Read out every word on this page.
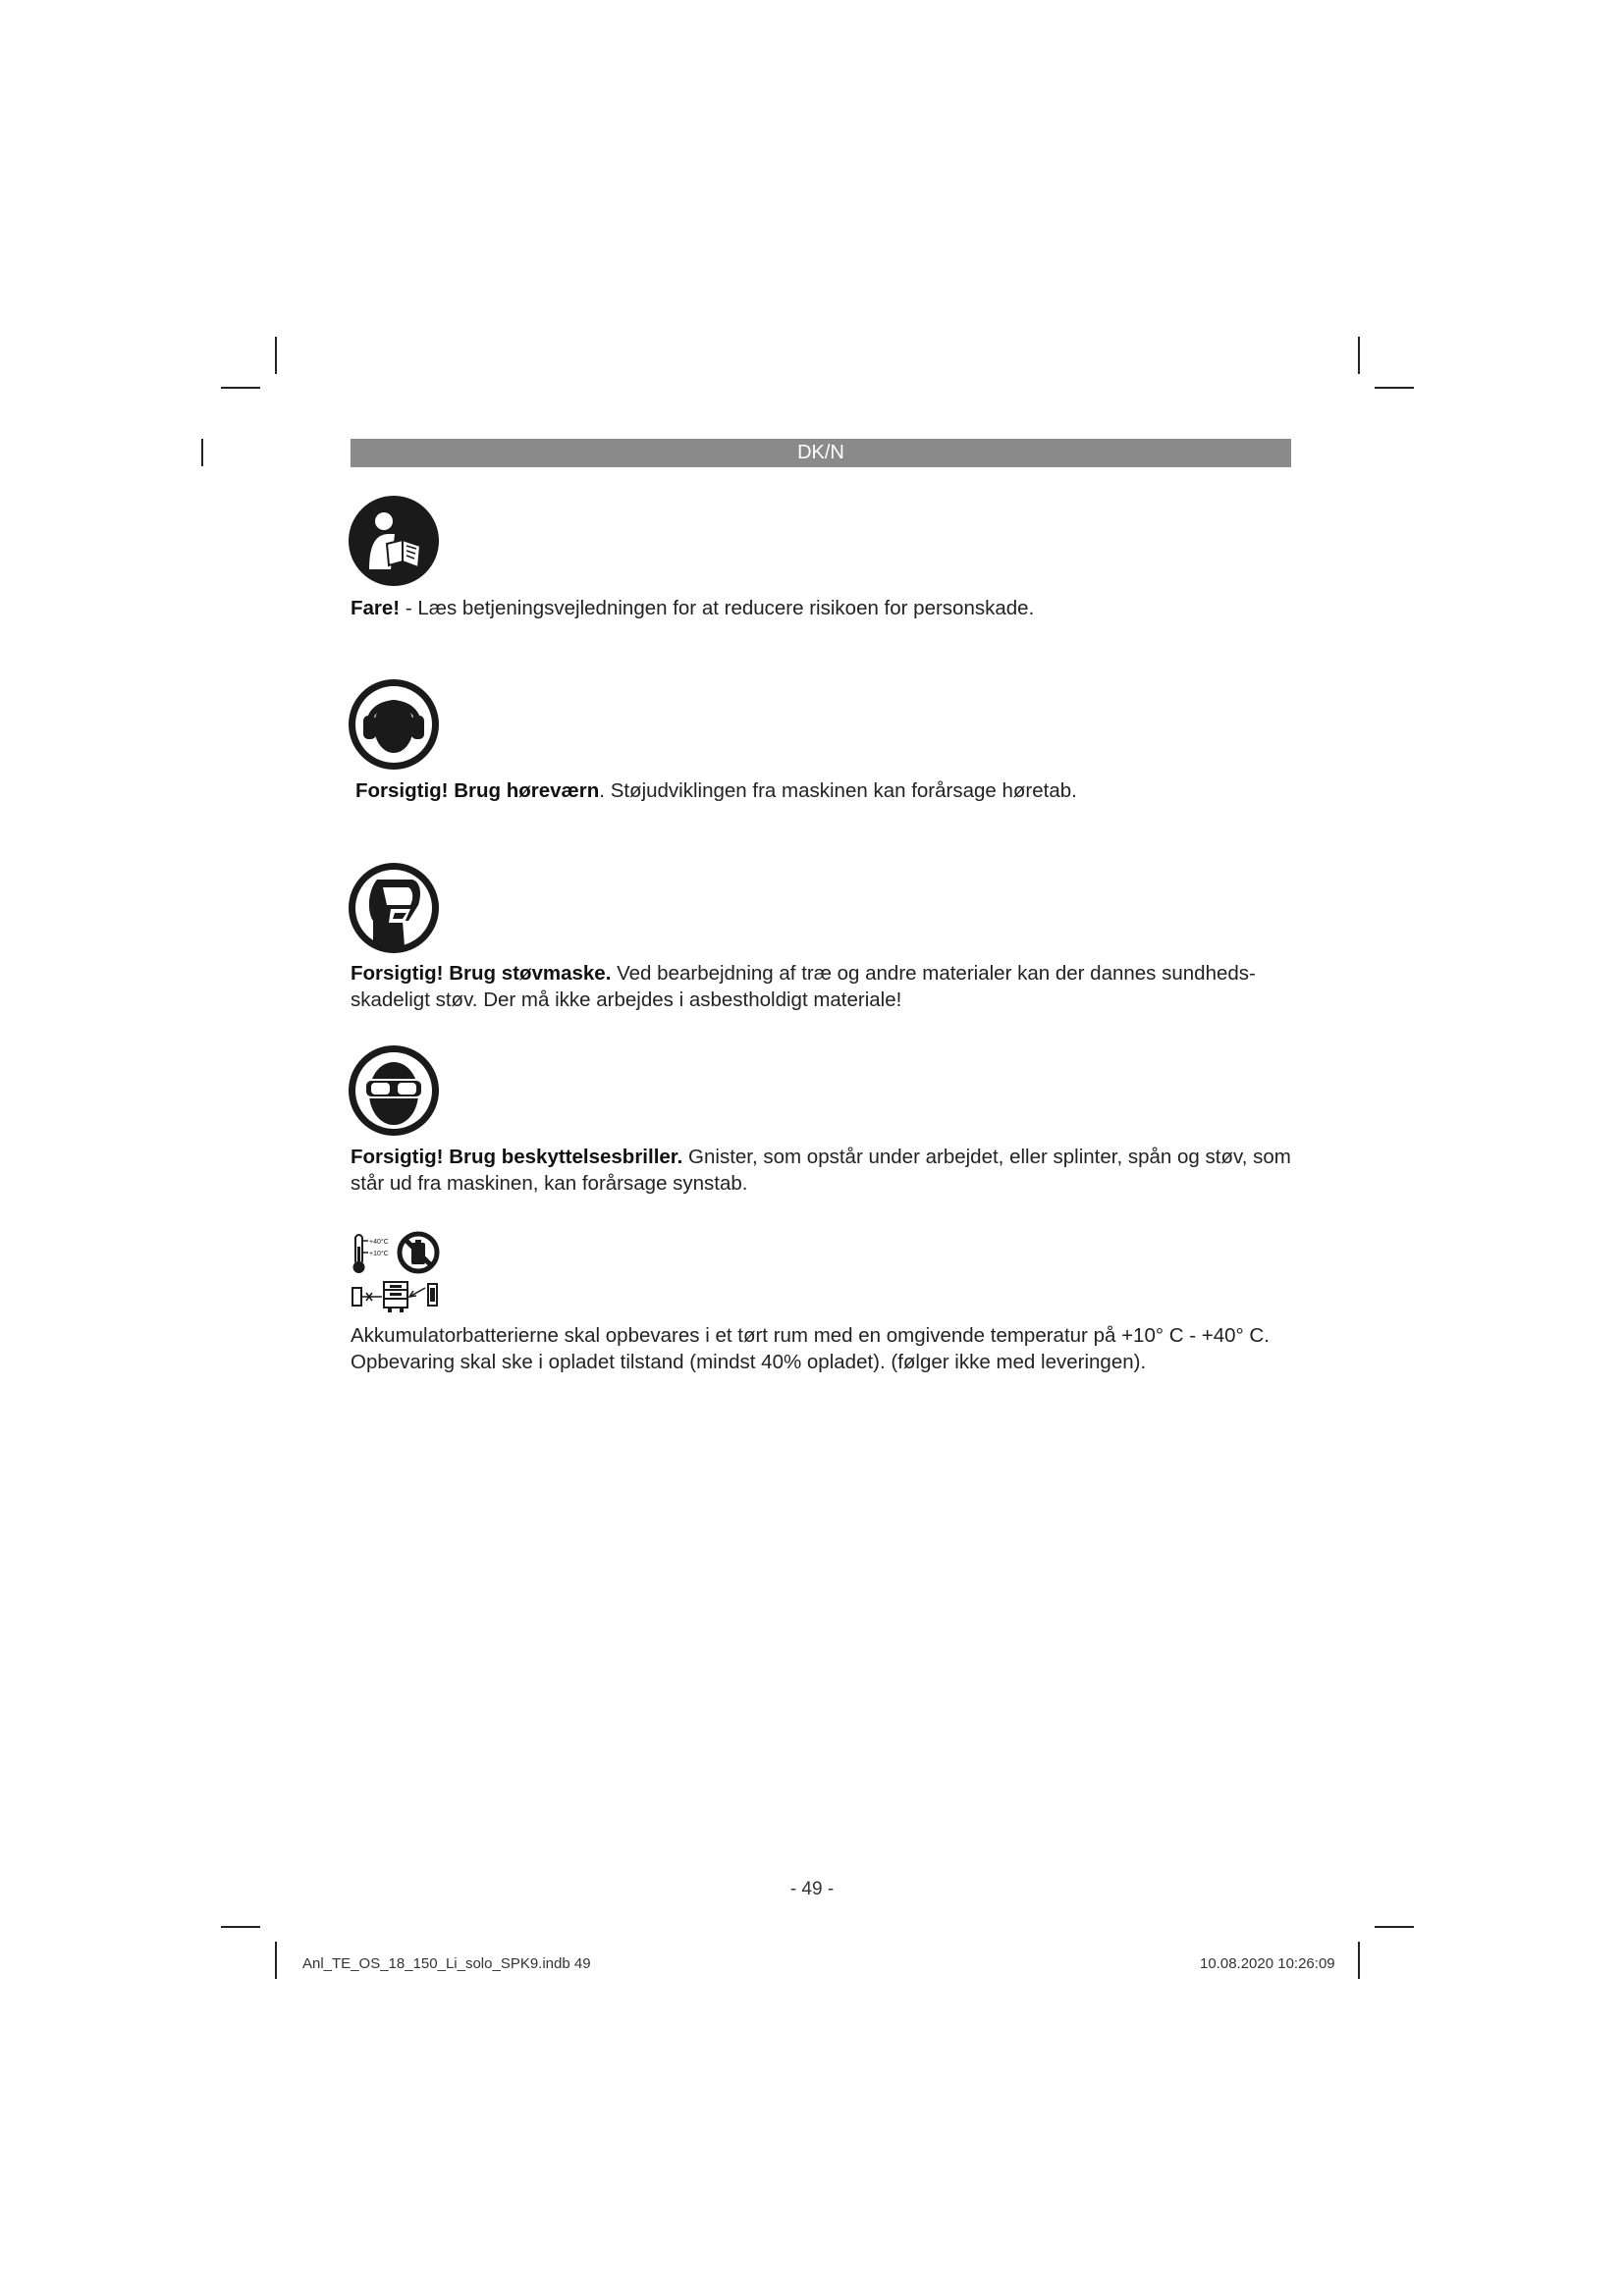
DK/N
Fare! - Læs betjeningsvejledningen for at reducere risikoen for personskade.
Forsigtig! Brug høreværn. Støjudviklingen fra maskinen kan forårsage høretab.
Forsigtig! Brug støvmaske. Ved bearbejdning af træ og andre materialer kan der dannes sundheds-skadeligt støv. Der må ikke arbejdes i asbestholdigt materiale!
Forsigtig! Brug beskyttelsesbriller. Gnister, som opstår under arbejdet, eller splinter, spån og støv, som står ud fra maskinen, kan forårsage synstab.
+40°C
+10°C
Akkumulatorbatterierne skal opbevares i et tørt rum med en omgivende temperatur på +10° C - +40° C. Opbevaring skal ske i opladet tilstand (mindst 40% opladet). (følger ikke med leveringen).
- 49 -
Anl_TE_OS_18_150_Li_solo_SPK9.indb 49	10.08.2020 10:26:09
